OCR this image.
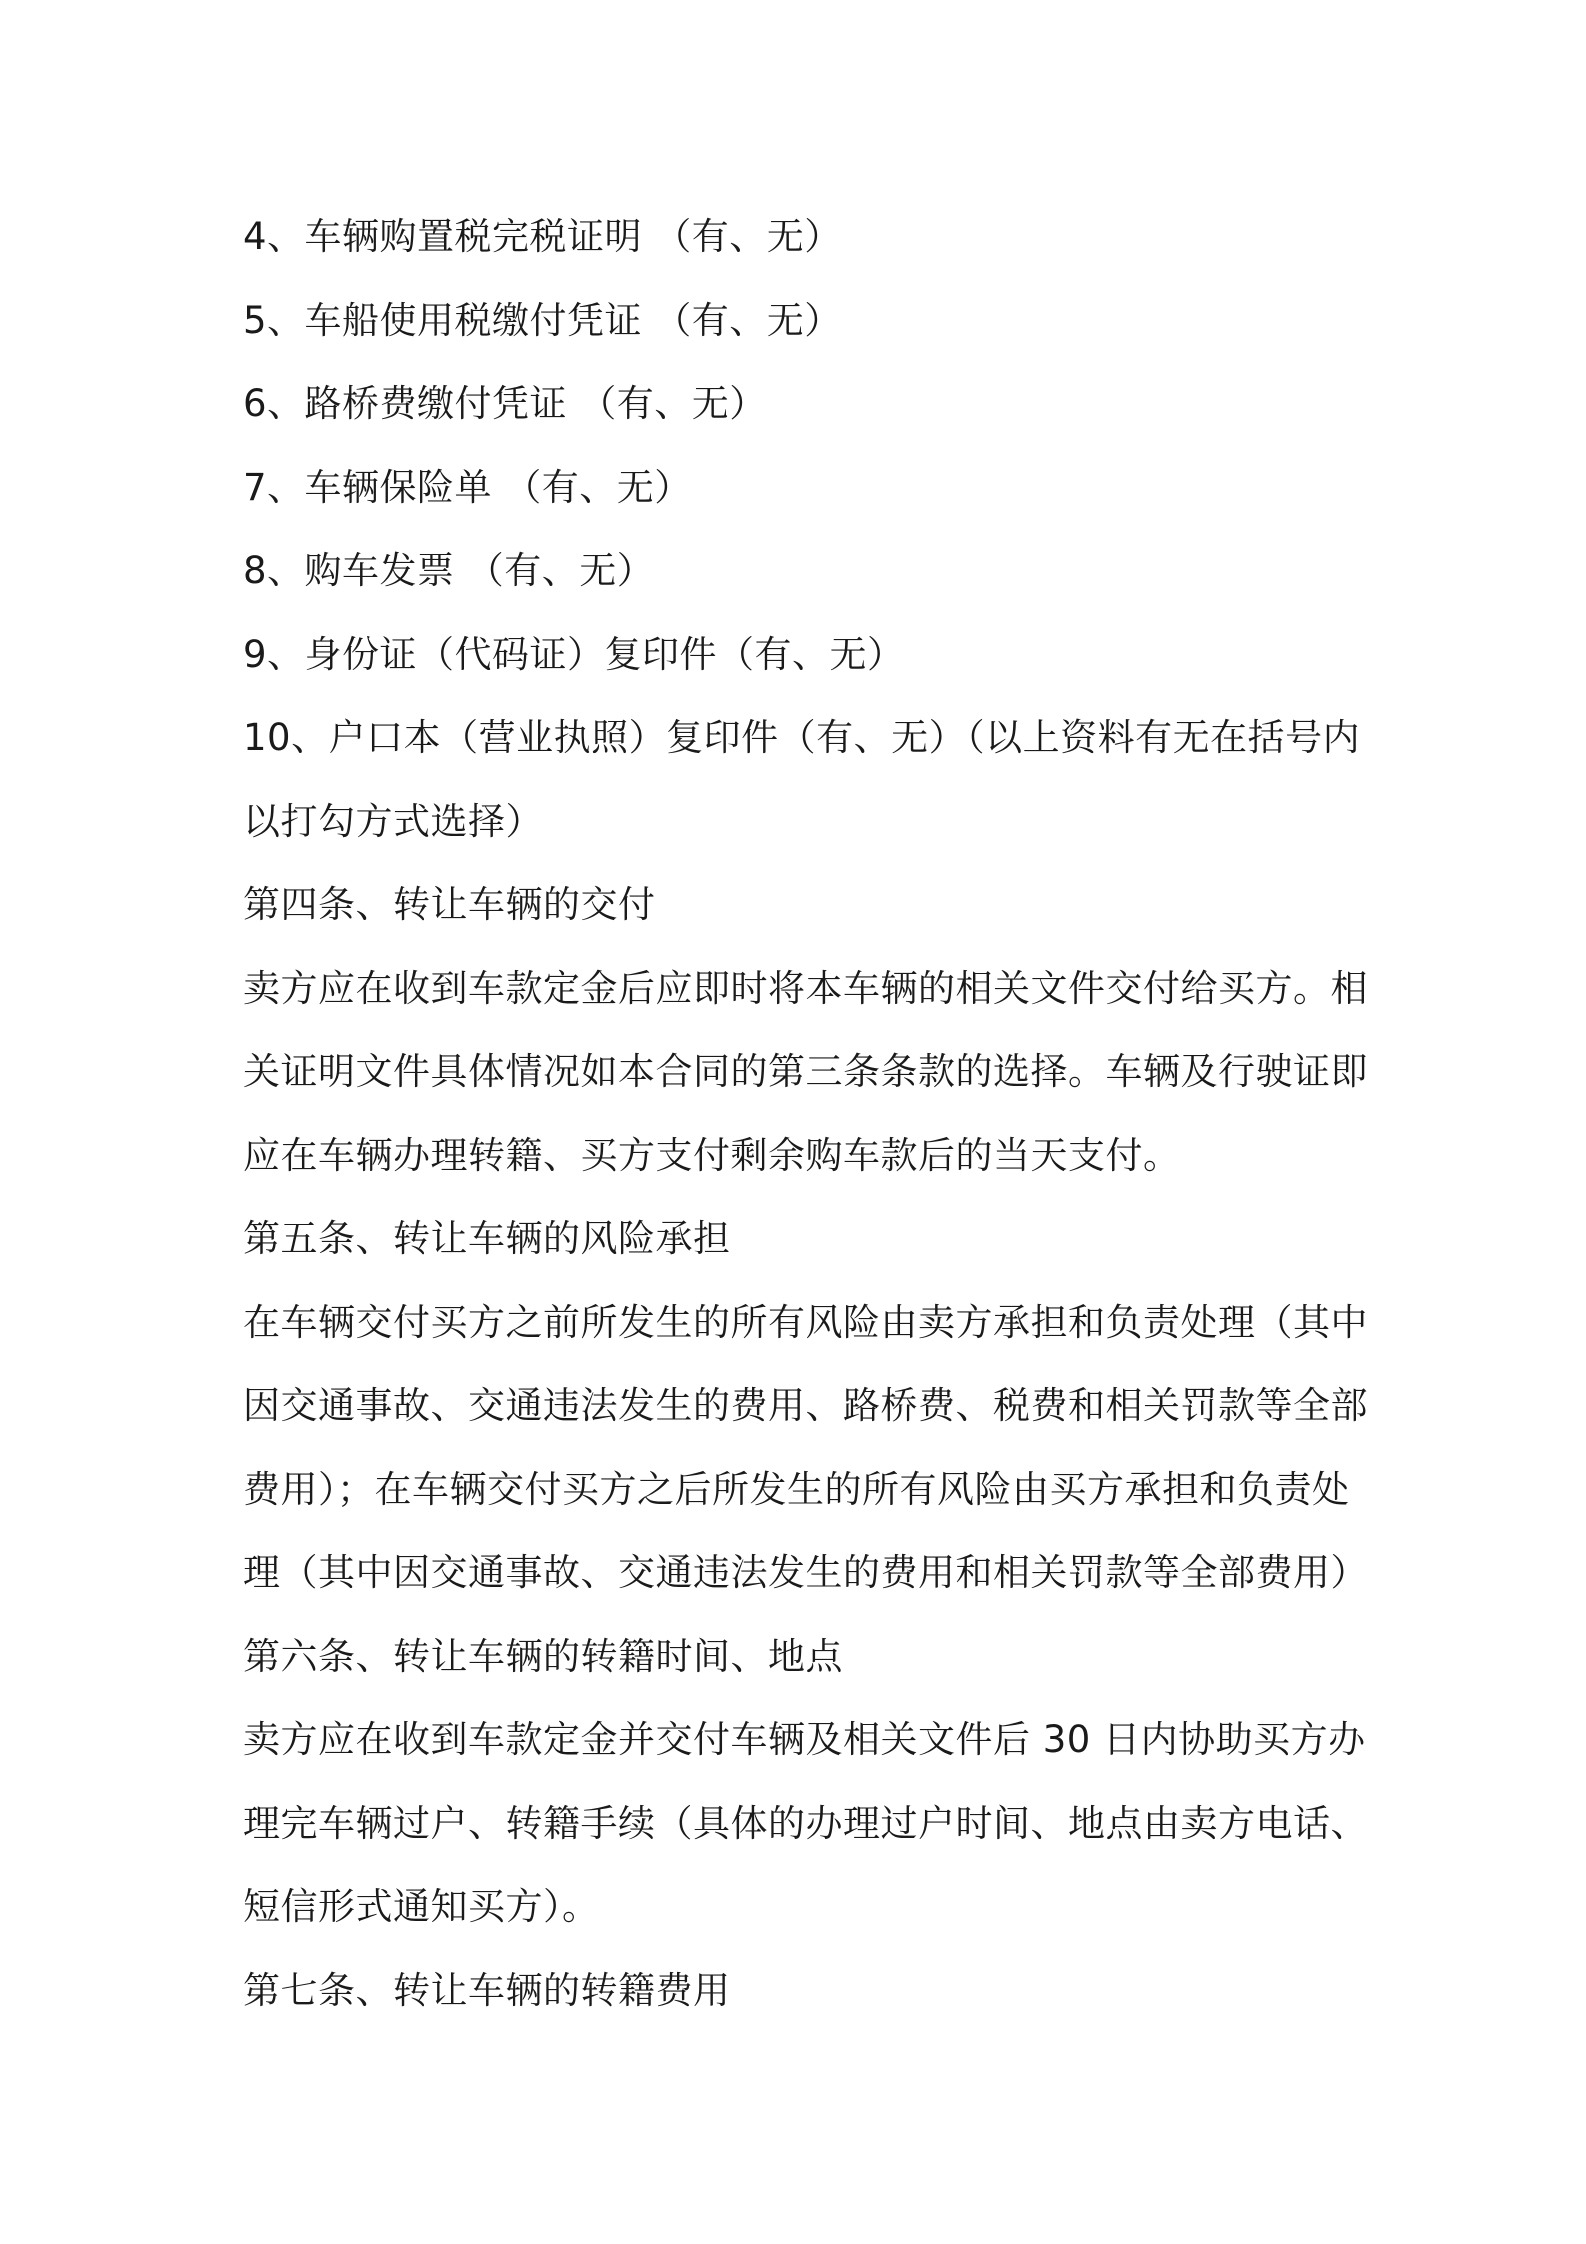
4、车辆购置税完税证明 （有、无）
5、车船使用税缴付凭证 （有、无）
6、路桥费缴付凭证 （有、无）
7、车辆保险单 （有、无）
8、购车发票 （有、无）
9、身份证（代码证）复印件（有、无）
10、户口本（营业执照）复印件（有、无）（以上资料有无在括号内
以打勾方式选择）
第四条、转让车辆的交付
卖方应在收到车款定金后应即时将本车辆的相关文件交付给买方。相
关证明文件具体情况如本合同的第三条条款的选择。车辆及行驶证即
应在车辆办理转籍、买方支付剩余购车款后的当天支付。
第五条、转让车辆的风险承担
在车辆交付买方之前所发生的所有风险由卖方承担和负责处理（其中
因交通事故、交通违法发生的费用、路桥费、税费和相关罚款等全部
费用）；在车辆交付买方之后所发生的所有风险由买方承担和负责处
理（其中因交通事故、交通违法发生的费用和相关罚款等全部费用）
第六条、转让车辆的转籍时间、地点
卖方应在收到车款定金并交付车辆及相关文件后 30 日内协助买方办
理完车辆过户、转籍手续（具体的办理过户时间、地点由卖方电话、
短信形式通知买方）。
第七条、转让车辆的转籍费用
